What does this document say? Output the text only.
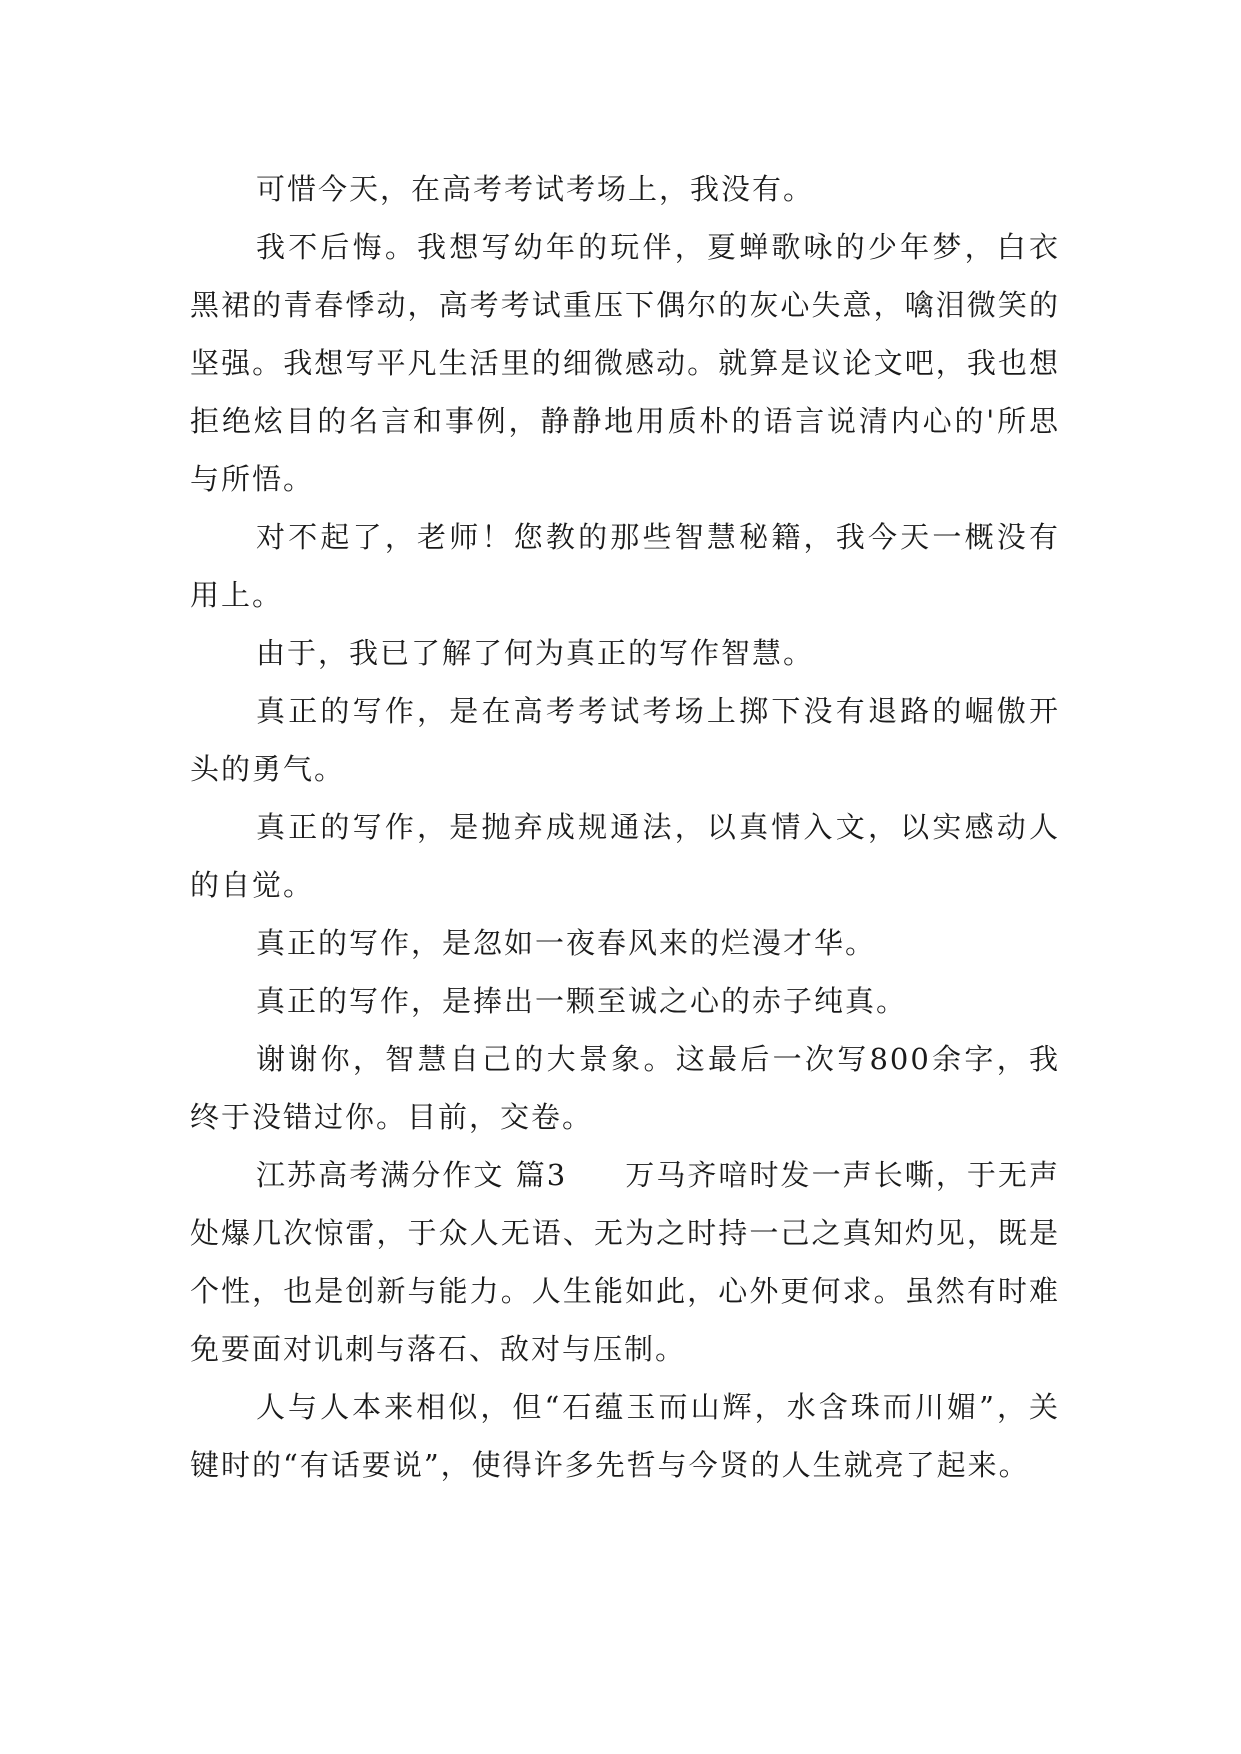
可惜今天，在高考考试考场上，我没有。

我不后悔。我想写幼年的玩伴，夏蝉歌咏的少年梦，白衣黑裙的青春悸动，高考考试重压下偶尔的灰心失意，噙泪微笑的坚强。我想写平凡生活里的细微感动。就算是议论文吧，我也想拒绝炫目的名言和事例，静静地用质朴的语言说清内心的'所思与所悟。

对不起了，老师！您教的那些智慧秘籍，我今天一概没有用上。

由于，我已了解了何为真正的写作智慧。

真正的写作，是在高考考试考场上掷下没有退路的崛傲开头的勇气。

真正的写作，是抛弃成规通法，以真情入文，以实感动人的自觉。

真正的写作，是忽如一夜春风来的烂漫才华。

真正的写作，是捧出一颗至诚之心的赤子纯真。

谢谢你，智慧自己的大景象。这最后一次写800余字，我终于没错过你。目前，交卷。

江苏高考满分作文 篇3 万马齐喑时发一声长嘶，于无声处爆几次惊雷，于众人无语、无为之时持一己之真知灼见，既是个性，也是创新与能力。人生能如此，心外更何求。虽然有时难免要面对讥刺与落石、敌对与压制。

人与人本来相似，但“石蕴玉而山辉，水含珠而川媚”，关键时的“有话要说”，使得许多先哲与今贤的人生就亮了起来。
